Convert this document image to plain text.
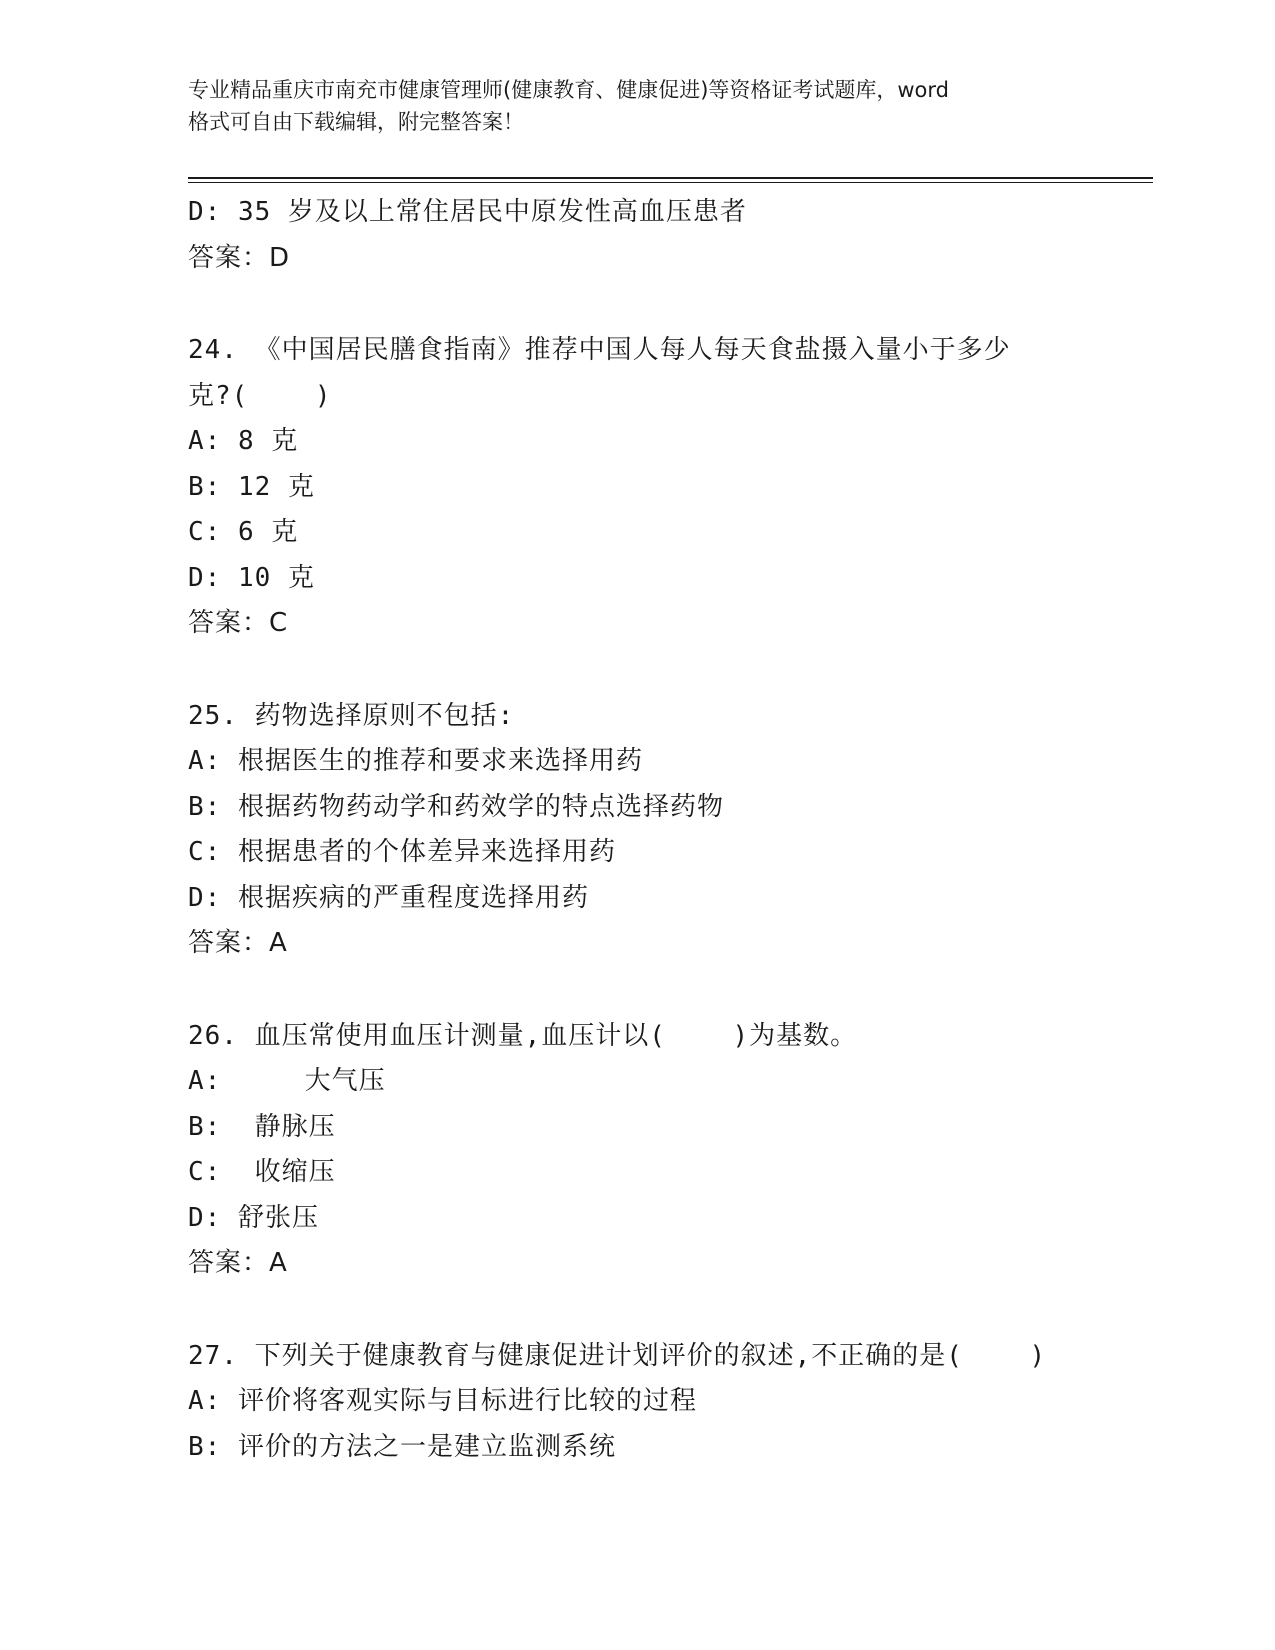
专业精品重庆市南充市健康管理师(健康教育、健康促进)等资格证考试题库，word
格式可自由下载编辑，附完整答案！
D: 35 岁及以上常住居民中原发性高血压患者
答案：D
24. 《中国居民膳食指南》推荐中国人每人每天食盐摄入量小于多少
克?(    )
A: 8 克
B: 12 克
C: 6 克
D: 10 克
答案：C
25. 药物选择原则不包括:
A: 根据医生的推荐和要求来选择用药
B: 根据药物药动学和药效学的特点选择药物
C: 根据患者的个体差异来选择用药
D: 根据疾病的严重程度选择用药
答案：A
26. 血压常使用血压计测量,血压计以(    )为基数。
A:     大气压
B:  静脉压
C:  收缩压
D: 舒张压
答案：A
27. 下列关于健康教育与健康促进计划评价的叙述,不正确的是(    )
A: 评价将客观实际与目标进行比较的过程
B: 评价的方法之一是建立监测系统
